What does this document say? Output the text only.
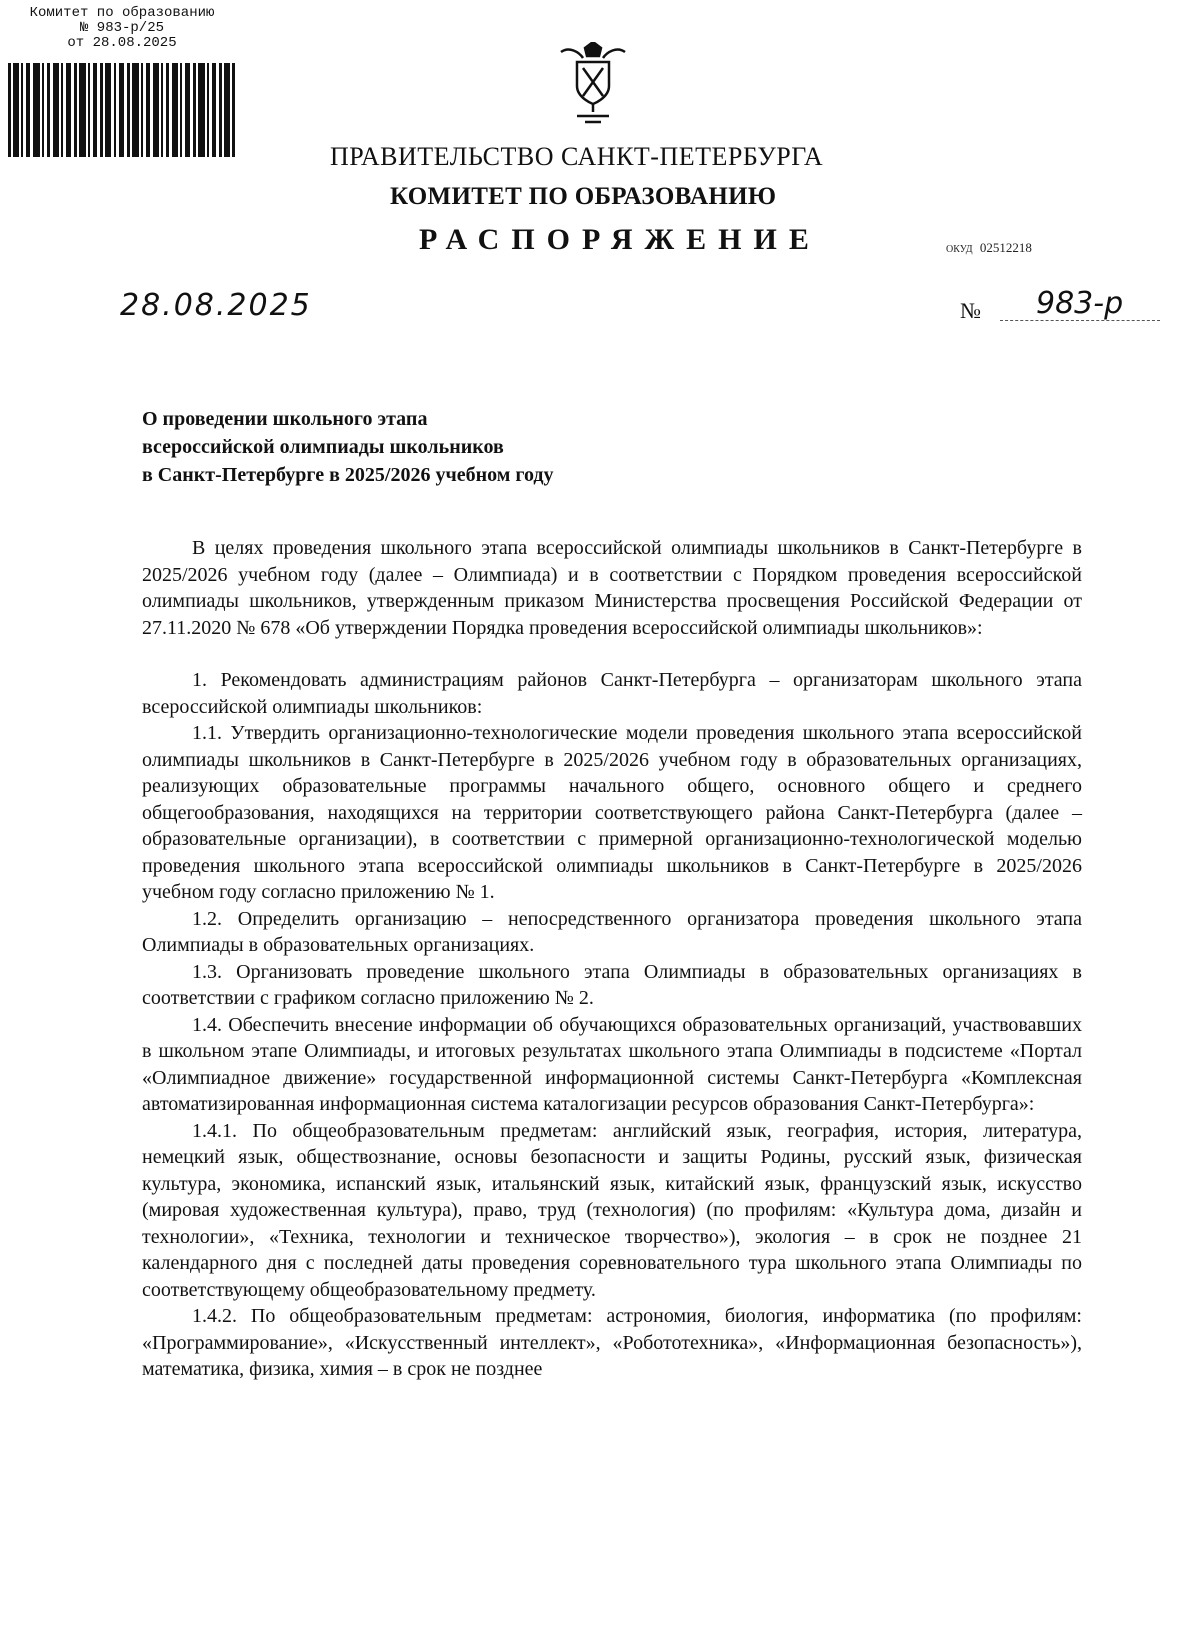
Комитет по образованию
№ 983-р/25
от 28.08.2025
ПРАВИТЕЛЬСТВО САНКТ-ПЕТЕРБУРГА
КОМИТЕТ ПО ОБРАЗОВАНИЮ
РАСПОРЯЖЕНИЕ	ОКУД 02512218
28.08.2025	№ 983-р
О проведении школьного этапа
всероссийской олимпиады школьников
в Санкт-Петербурге в 2025/2026 учебном году

В целях проведения школьного этапа всероссийской олимпиады школьников в Санкт-Петербурге в 2025/2026 учебном году (далее – Олимпиада) и в соответствии с Порядком проведения всероссийской олимпиады школьников, утвержденным приказом Министерства просвещения Российской Федерации от 27.11.2020 № 678 «Об утверждении Порядка проведения всероссийской олимпиады школьников»:

1. Рекомендовать администрациям районов Санкт-Петербурга – организаторам школьного этапа всероссийской олимпиады школьников:

1.1. Утвердить организационно-технологические модели проведения школьного этапа всероссийской олимпиады школьников в Санкт-Петербурге в 2025/2026 учебном году в образовательных организациях, реализующих образовательные программы начального общего, основного общего и среднего общегообразования, находящихся на территории соответствующего района Санкт-Петербурга (далее – образовательные организации), в соответствии с примерной организационно-технологической моделью проведения школьного этапа всероссийской олимпиады школьников в Санкт-Петербурге в 2025/2026 учебном году согласно приложению № 1.

1.2. Определить организацию – непосредственного организатора проведения школьного этапа Олимпиады в образовательных организациях.

1.3. Организовать проведение школьного этапа Олимпиады в образовательных организациях в соответствии с графиком согласно приложению № 2.

1.4. Обеспечить внесение информации об обучающихся образовательных организаций, участвовавших в школьном этапе Олимпиады, и итоговых результатах школьного этапа Олимпиады в подсистеме «Портал «Олимпиадное движение» государственной информационной системы Санкт-Петербурга «Комплексная автоматизированная информационная система каталогизации ресурсов образования Санкт-Петербурга»:

1.4.1. По общеобразовательным предметам: английский язык, география, история, литература, немецкий язык, обществознание, основы безопасности и защиты Родины, русский язык, физическая культура, экономика, испанский язык, итальянский язык, китайский язык, французский язык, искусство (мировая художественная культура), право, труд (технология) (по профилям: «Культура дома, дизайн и технологии», «Техника, технологии и техническое творчество»), экология – в срок не позднее 21 календарного дня с последней даты проведения соревновательного тура школьного этапа Олимпиады по соответствующему общеобразовательному предмету.

1.4.2. По общеобразовательным предметам: астрономия, биология, информатика (по профилям: «Программирование», «Искусственный интеллект», «Робототехника», «Информационная безопасность»), математика, физика, химия – в срок не позднее
